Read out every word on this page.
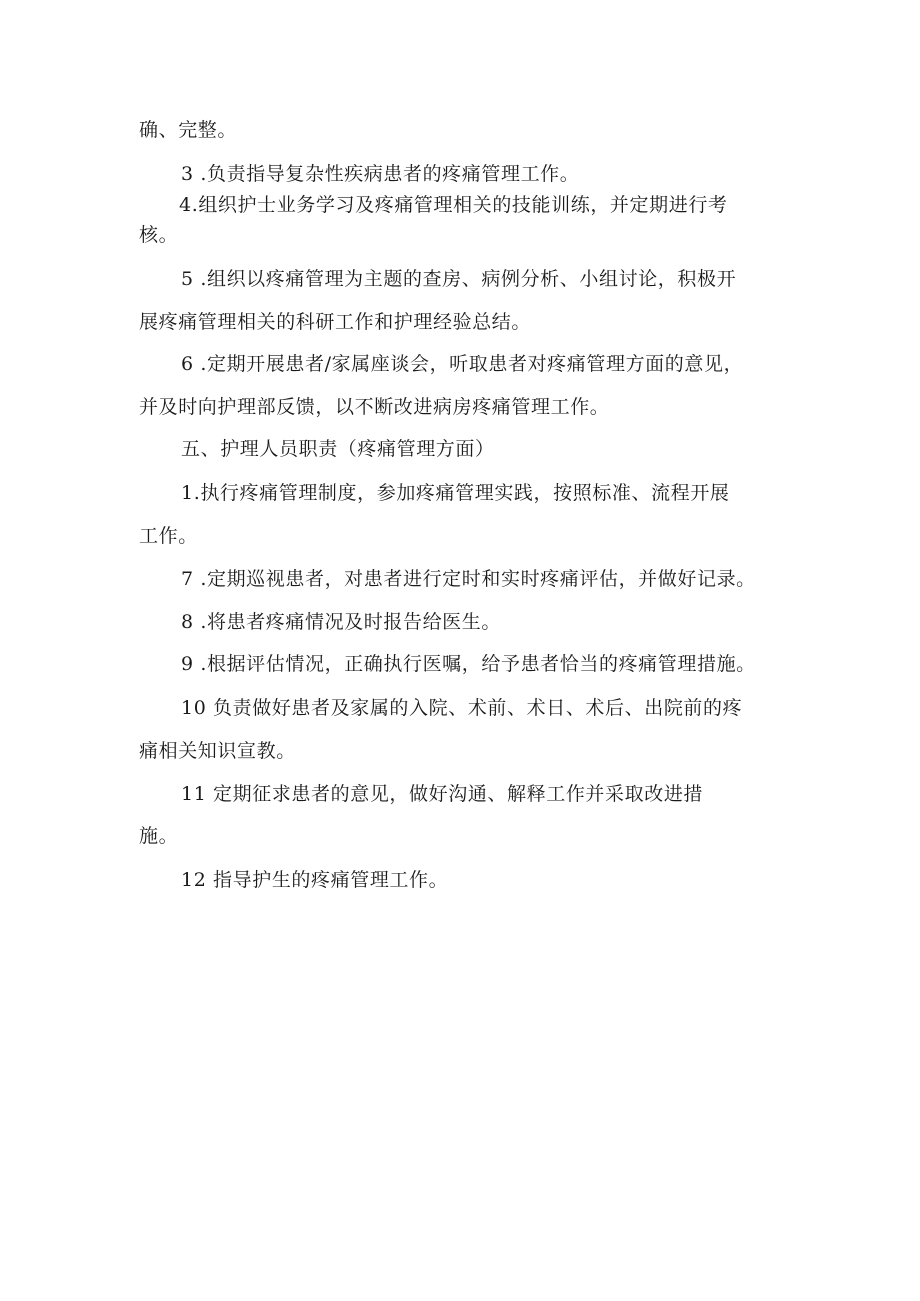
确、完整。
3 .负责指导复杂性疾病患者的疼痛管理工作。
4.组织护士业务学习及疼痛管理相关的技能训练，并定期进行考
核。
5 .组织以疼痛管理为主题的查房、病例分析、小组讨论，积极开
展疼痛管理相关的科研工作和护理经验总结。
6 .定期开展患者/家属座谈会，听取患者对疼痛管理方面的意见，
并及时向护理部反馈，以不断改进病房疼痛管理工作。
五、护理人员职责（疼痛管理方面）
1.执行疼痛管理制度，参加疼痛管理实践，按照标准、流程开展
工作。
7 .定期巡视患者，对患者进行定时和实时疼痛评估，并做好记录。
8 .将患者疼痛情况及时报告给医生。
9 .根据评估情况，正确执行医嘱，给予患者恰当的疼痛管理措施。
10 负责做好患者及家属的入院、术前、术日、术后、出院前的疼
痛相关知识宣教。
11 定期征求患者的意见，做好沟通、解释工作并采取改进措
施。
12 指导护生的疼痛管理工作。
